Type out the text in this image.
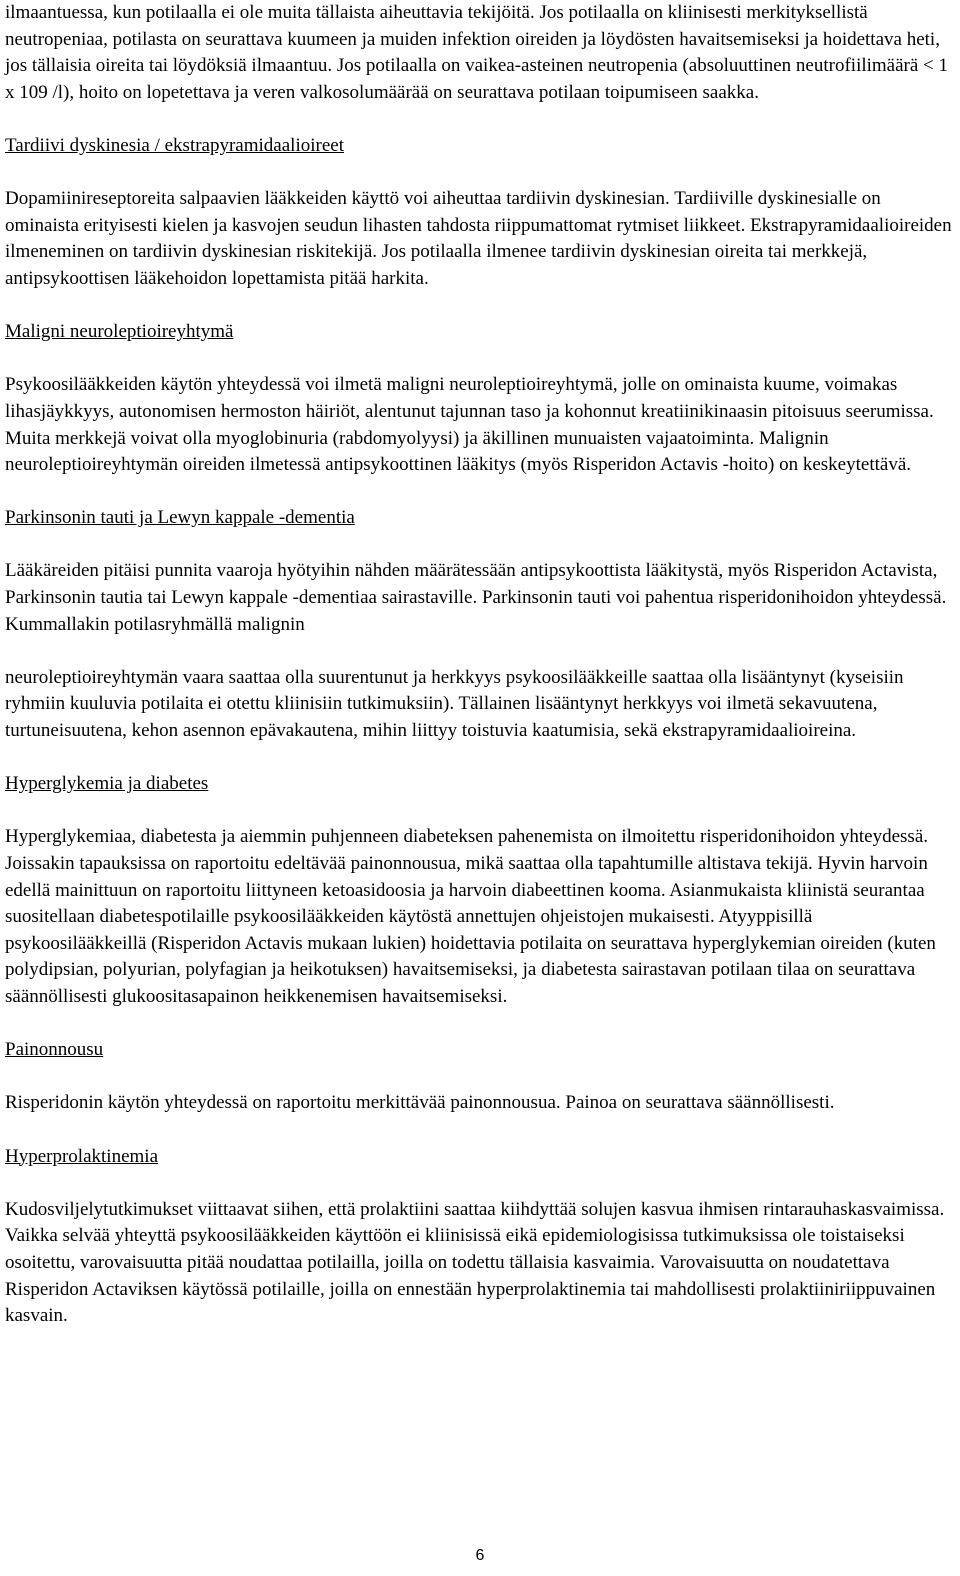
ilmaantuessa, kun potilaalla ei ole muita tällaista aiheuttavia tekijöitä. Jos potilaalla on kliinisesti merkityksellistä neutropeniaa, potilasta on seurattava kuumeen ja muiden infektion oireiden ja löydösten havaitsemiseksi ja hoidettava heti, jos tällaisia oireita tai löydöksiä ilmaantuu. Jos potilaalla on vaikea-asteinen neutropenia (absoluuttinen neutrofiilimäärä < 1 x 109 /l), hoito on lopetettava ja veren valkosolumäärää on seurattava potilaan toipumiseen saakka.

Tardiivi dyskinesia / ekstrapyramidaalioireet

Dopamiinireseptoreita salpaavien lääkkeiden käyttö voi aiheuttaa tardiivin dyskinesian. Tardiiville dyskinesialle on ominaista erityisesti kielen ja kasvojen seudun lihasten tahdosta riippumattomat rytmiset liikkeet. Ekstrapyramidaalioireiden ilmeneminen on tardiivin dyskinesian riskitekijä. Jos potilaalla ilmenee tardiivin dyskinesian oireita tai merkkejä, antipsykoottisen lääkehoidon lopettamista pitää harkita.

Maligni neuroleptioireyhtymä

Psykoosilääkkeiden käytön yhteydessä voi ilmetä maligni neuroleptioireyhtymä, jolle on ominaista kuume, voimakas lihasjäykkyys, autonomisen hermoston häiriöt, alentunut tajunnan taso ja kohonnut kreatiinikinaasin pitoisuus seerumissa. Muita merkkejä voivat olla myoglobinuria (rabdomyolyysi) ja äkillinen munuaisten vajaatoiminta. Malignin neuroleptioireyhtymän oireiden ilmetessä antipsykoottinen lääkitys (myös Risperidon Actavis -hoito) on keskeytettävä.

Parkinsonin tauti ja Lewyn kappale -dementia

Lääkäreiden pitäisi punnita vaaroja hyötyihin nähden määrätessään antipsykoottista lääkitystä, myös Risperidon Actavista, Parkinsonin tautia tai Lewyn kappale -dementiaa sairastaville. Parkinsonin tauti voi pahentua risperidonihoidon yhteydessä. Kummallakin potilasryhmällä malignin

neuroleptioireyhtymän vaara saattaa olla suurentunut ja herkkyys psykoosilääkkeille saattaa olla lisääntynyt (kyseisiin ryhmiin kuuluvia potilaita ei otettu kliinisiin tutkimuksiin). Tällainen lisääntynyt herkkyys voi ilmetä sekavuutena, turtuneisuutena, kehon asennon epävakautena, mihin liittyy toistuvia kaatumisia, sekä ekstrapyramidaalioireina.

Hyperglykemia ja diabetes

Hyperglykemiaa, diabetesta ja aiemmin puhjenneen diabeteksen pahenemista on ilmoitettu risperidonihoidon yhteydessä. Joissakin tapauksissa on raportoitu edeltävää painonnousua, mikä saattaa olla tapahtumille altistava tekijä. Hyvin harvoin edellä mainittuun on raportoitu liittyneen ketoasidoosia ja harvoin diabeettinen kooma. Asianmukaista kliinistä seurantaa suositellaan diabetespotilaille psykoosilääkkeiden käytöstä annettujen ohjeistojen mukaisesti. Atyyppisillä psykoosilääkkeillä (Risperidon Actavis mukaan lukien) hoidettavia potilaita on seurattava hyperglykemian oireiden (kuten polydipsian, polyurian, polyfagian ja heikotuksen) havaitsemiseksi, ja diabetesta sairastavan potilaan tilaa on seurattava säännöllisesti glukoositasapainon heikkenemisen havaitsemiseksi.

Painonnousu

Risperidonin käytön yhteydessä on raportoitu merkittävää painonnousua. Painoa on seurattava säännöllisesti.

Hyperprolaktinemia

Kudosviljelytutkimukset viittaavat siihen, että prolaktiini saattaa kiihdyttää solujen kasvua ihmisen rintarauhaskasvaimissa. Vaikka selvää yhteyttä psykoosilääkkeiden käyttöön ei kliinisissä eikä epidemiologisissa tutkimuksissa ole toistaiseksi osoitettu, varovaisuutta pitää noudattaa potilailla, joilla on todettu tällaisia kasvaimia. Varovaisuutta on noudatettava Risperidon Actaviksen käytössä potilaille, joilla on ennestään hyperprolaktinemia tai mahdollisesti prolaktiiniriippuvainen kasvain.

6
